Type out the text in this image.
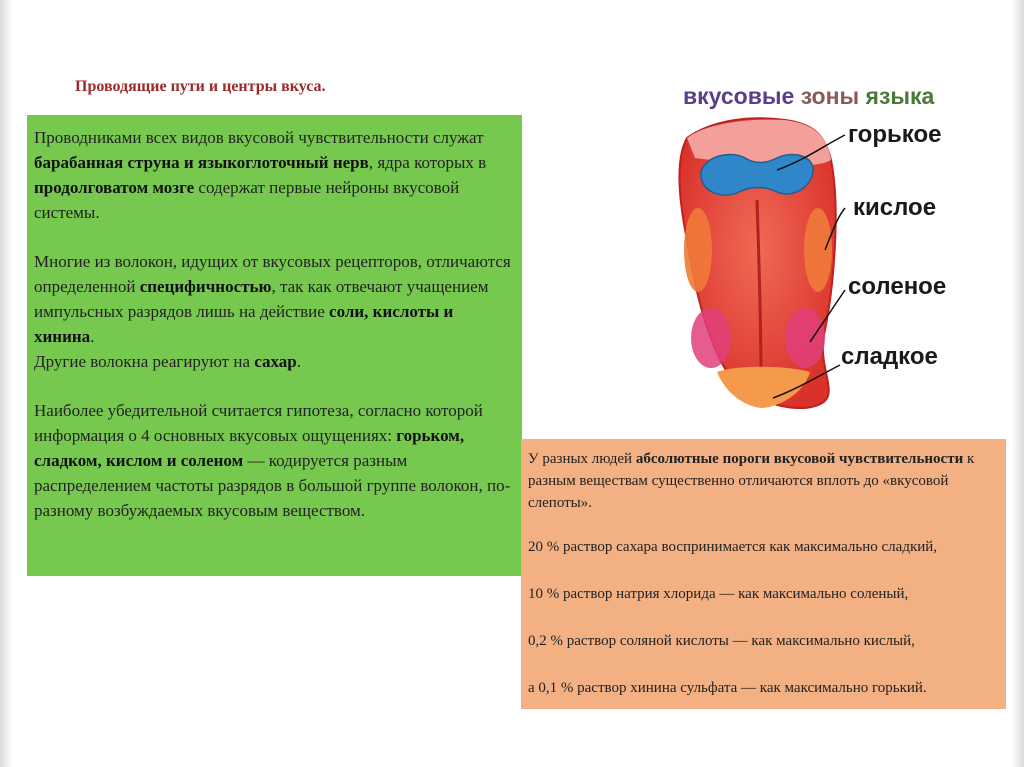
Проводящие пути и центры вкуса.

Проводниками всех видов вкусовой чувствительности служат барабанная струна и языкоглоточный нерв, ядра которых в продолговатом мозге содержат первые нейроны вкусовой системы.

Многие из волокон, идущих от вкусовых рецепторов, отличаются определенной специфичностью, так как отвечают учащением импульсных разрядов лишь на действие соли, кислоты и хинина.
Другие волокна реагируют на сахар.

Наиболее убедительной считается гипотеза, согласно которой информация о 4 основных вкусовых ощущениях: горьком, сладком, кислом и соленом — кодируется разным распределением частоты разрядов в большой группе волокон, по-разному возбуждаемых вкусовым веществом.

вкусовые зоны языка
горькое
кислое
соленое
сладкое

У разных людей абсолютные пороги вкусовой чувствительности к разным веществам существенно отличаются вплоть до «вкусовой слепоты».

20 % раствор сахара воспринимается как максимально сладкий,

10 % раствор натрия хлорида — как максимально соленый,

0,2 % раствор соляной кислоты — как максимально кислый,

а 0,1 % раствор хинина сульфата — как максимально горький.
